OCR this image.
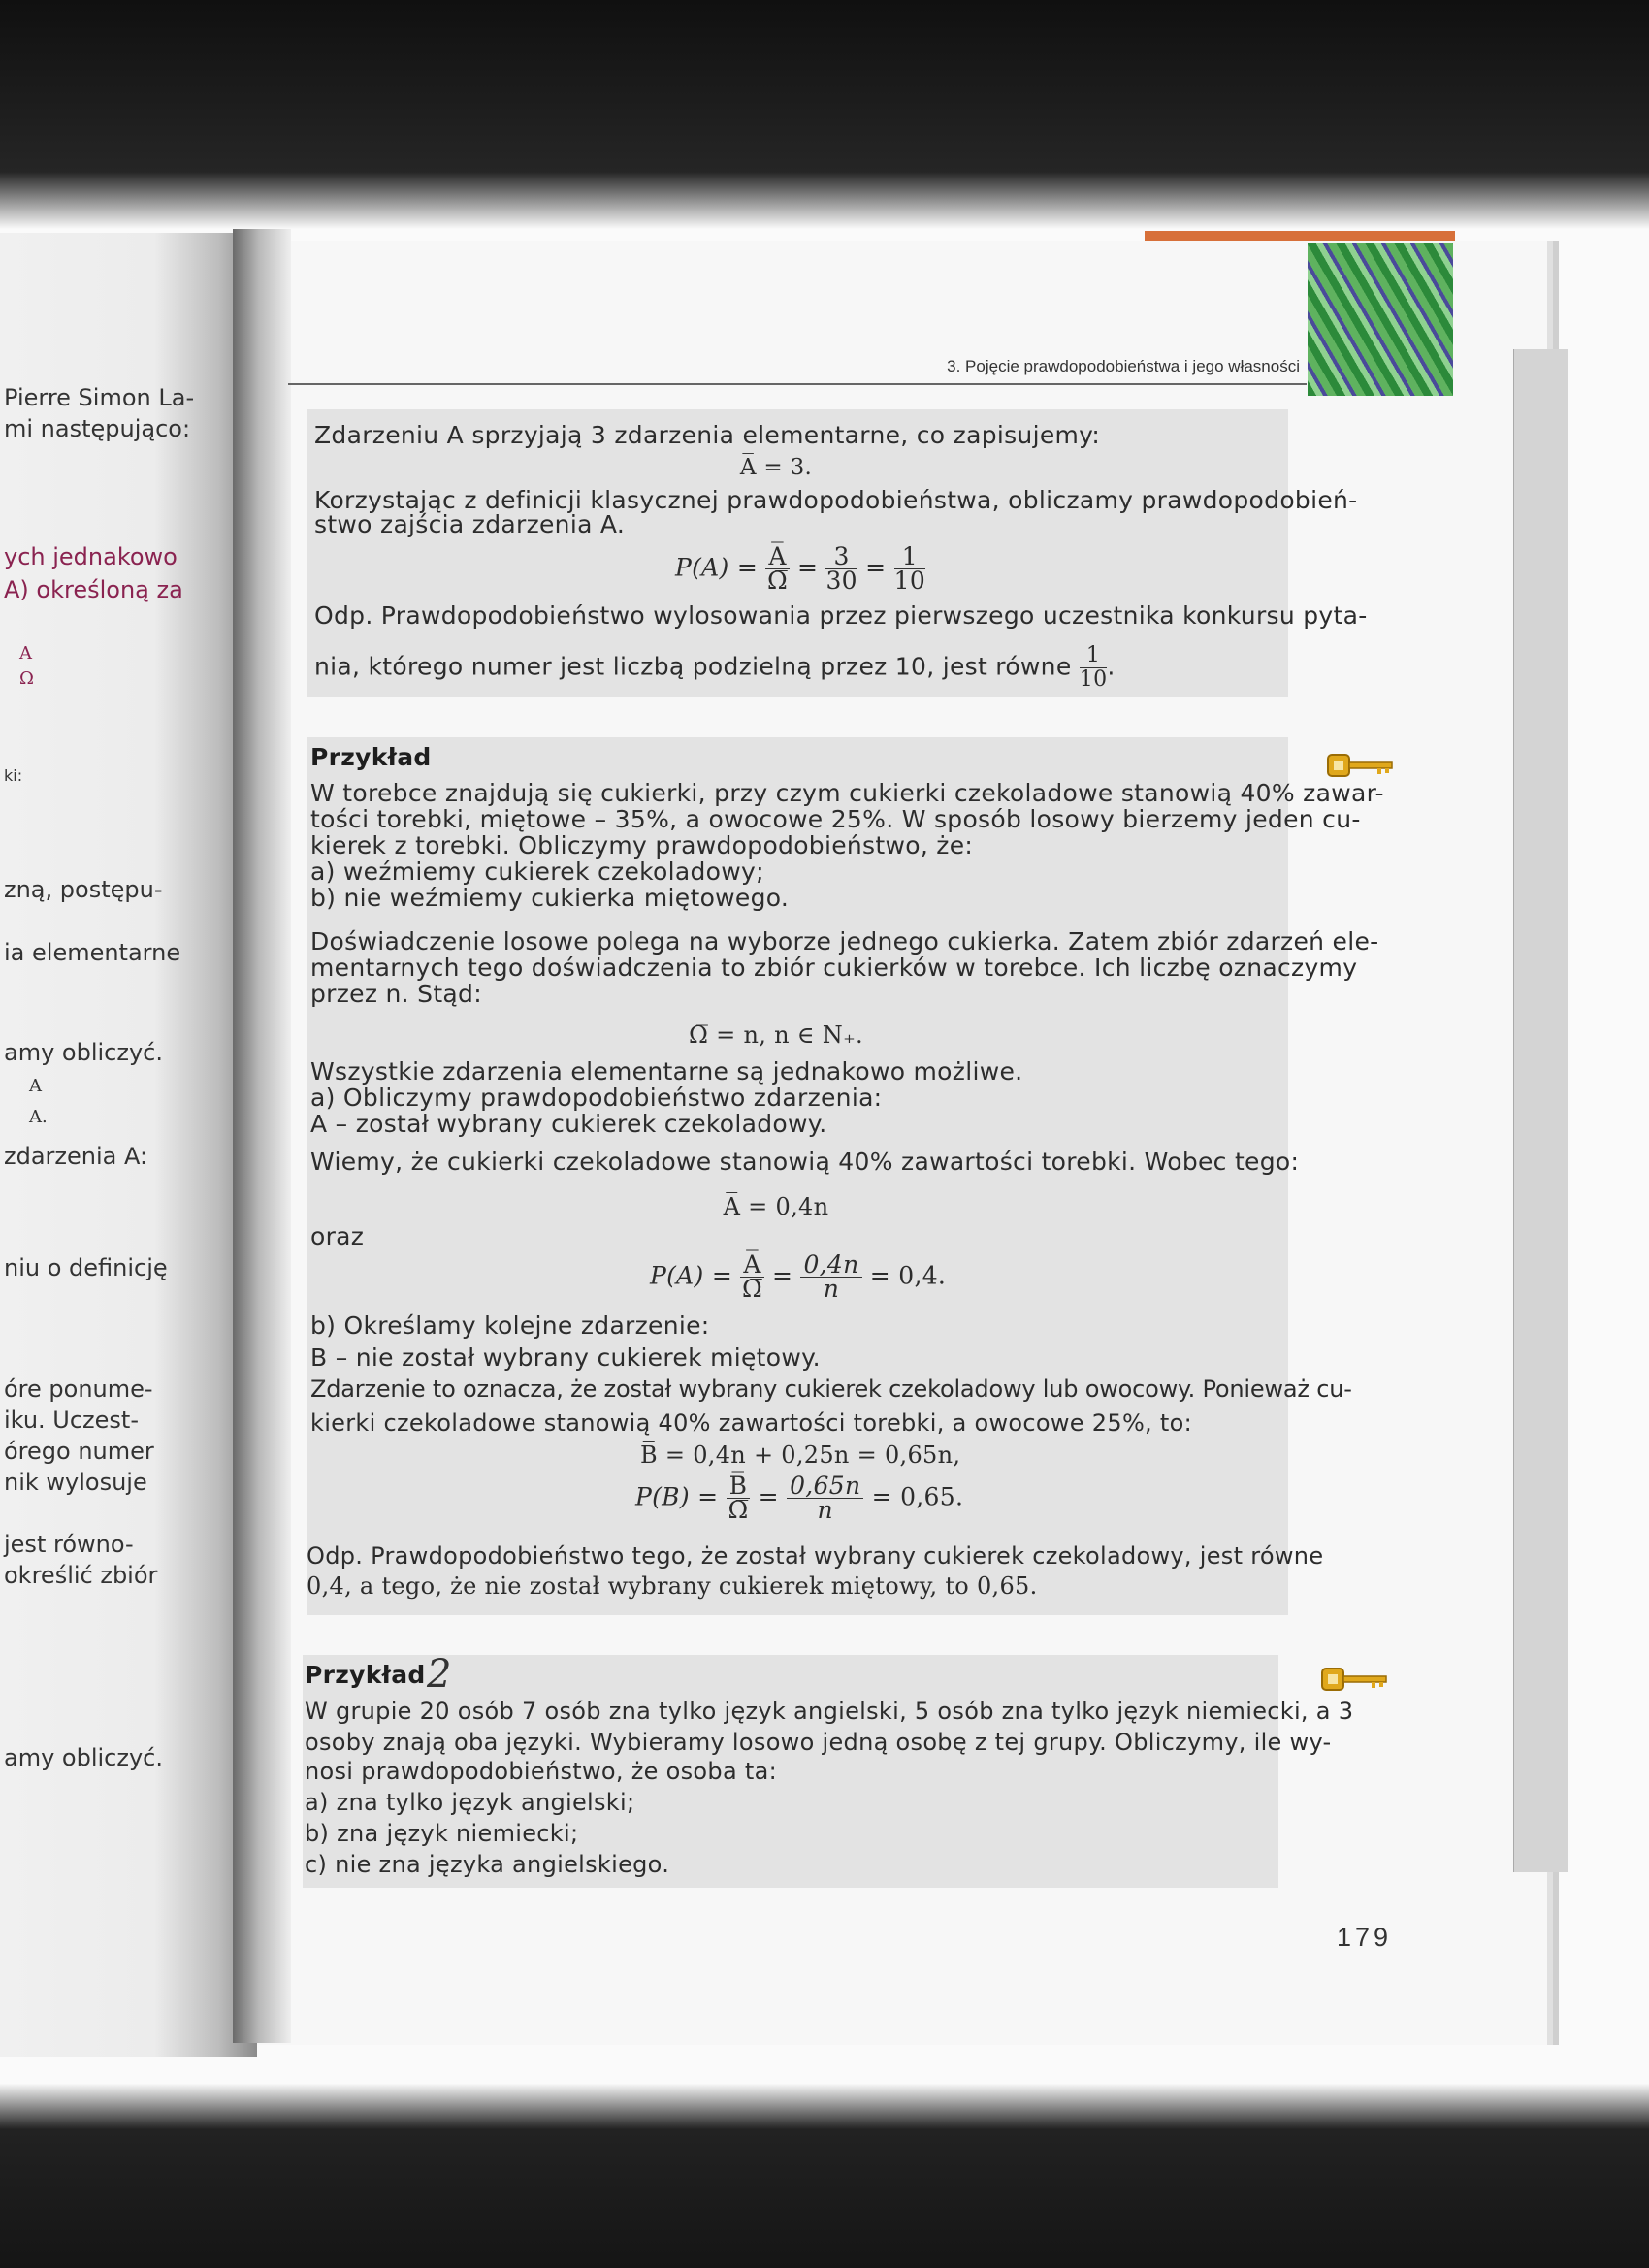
Pierre Simon La-
mi następująco:
ych jednakowo
A) określoną za
A
Ω
ki:
zną, postępu-
ia elementarne
amy obliczyć.
A
A.
zdarzenia A:
niu o definicję
óre ponume-
iku. Uczest-
órego numer
nik wylosuje
jest równo-
określić zbiór
amy obliczyć.
3. Pojęcie prawdopodobieństwa i jego własności
Zdarzeniu A sprzyjają 3 zdarzenia elementarne, co zapisujemy:
A̅ = 3.
Korzystając z definicji klasycznej prawdopodobieństwa, obliczamy prawdopodobień-
stwo zajścia zdarzenia A.
$P(A) = \frac{A̅}{\Omega̅} = \frac{3}{30} = \frac{1}{10}$
Odp. Prawdopodobieństwo wylosowania przez pierwszego uczestnika konkursu pyta-
nia, którego numer jest liczbą podzielną przez 10, jest równe $\frac{1}{10}$ .
Przykład
W torebce znajdują się cukierki, przy czym cukierki czekoladowe stanowią 40% zawar-
tości torebki, miętowe – 35%, a owocowe 25%. W sposób losowy bierzemy jeden cu-
kierek z torebki. Obliczymy prawdopodobieństwo, że:
a) weźmiemy cukierek czekoladowy;
b) nie weźmiemy cukierka miętowego.
Doświadczenie losowe polega na wyborze jednego cukierka. Zatem zbiór zdarzeń ele-
mentarnych tego doświadczenia to zbiór cukierków w torebce. Ich liczbę oznaczymy
przez n. Stąd:
Ω̅ = n, n ∈ N₊.
Wszystkie zdarzenia elementarne są jednakowo możliwe.
a) Obliczymy prawdopodobieństwo zdarzenia:
A – został wybrany cukierek czekoladowy.
Wiemy, że cukierki czekoladowe stanowią 40% zawartości torebki. Wobec tego:
A̅ = 0,4n
oraz
$P(A) = \frac{A̅}{\Omega̅} = \frac{0,4n}{n} = 0,4$.
b) Określamy kolejne zdarzenie:
B – nie został wybrany cukierek miętowy.
Zdarzenie to oznacza, że został wybrany cukierek czekoladowy lub owocowy. Ponieważ cu-
kierki czekoladowe stanowią 40% zawartości torebki, a owocowe 25%, to:
B̅ = 0,4n + 0,25n = 0,65n,
$P(B) = \frac{B̅}{\Omega̅} = \frac{0,65n}{n} = 0,65$.
Odp. Prawdopodobieństwo tego, że został wybrany cukierek czekoladowy, jest równe
0,4, a tego, że nie został wybrany cukierek miętowy, to 0,65.
Przykład 2
W grupie 20 osób 7 osób zna tylko język angielski, 5 osób zna tylko język niemiecki, a 3
osoby znają oba języki. Wybieramy losowo jedną osobę z tej grupy. Obliczymy, ile wy-
nosi prawdopodobieństwo, że osoba ta:
a) zna tylko język angielski;
b) zna język niemiecki;
c) nie zna języka angielskiego.
179
